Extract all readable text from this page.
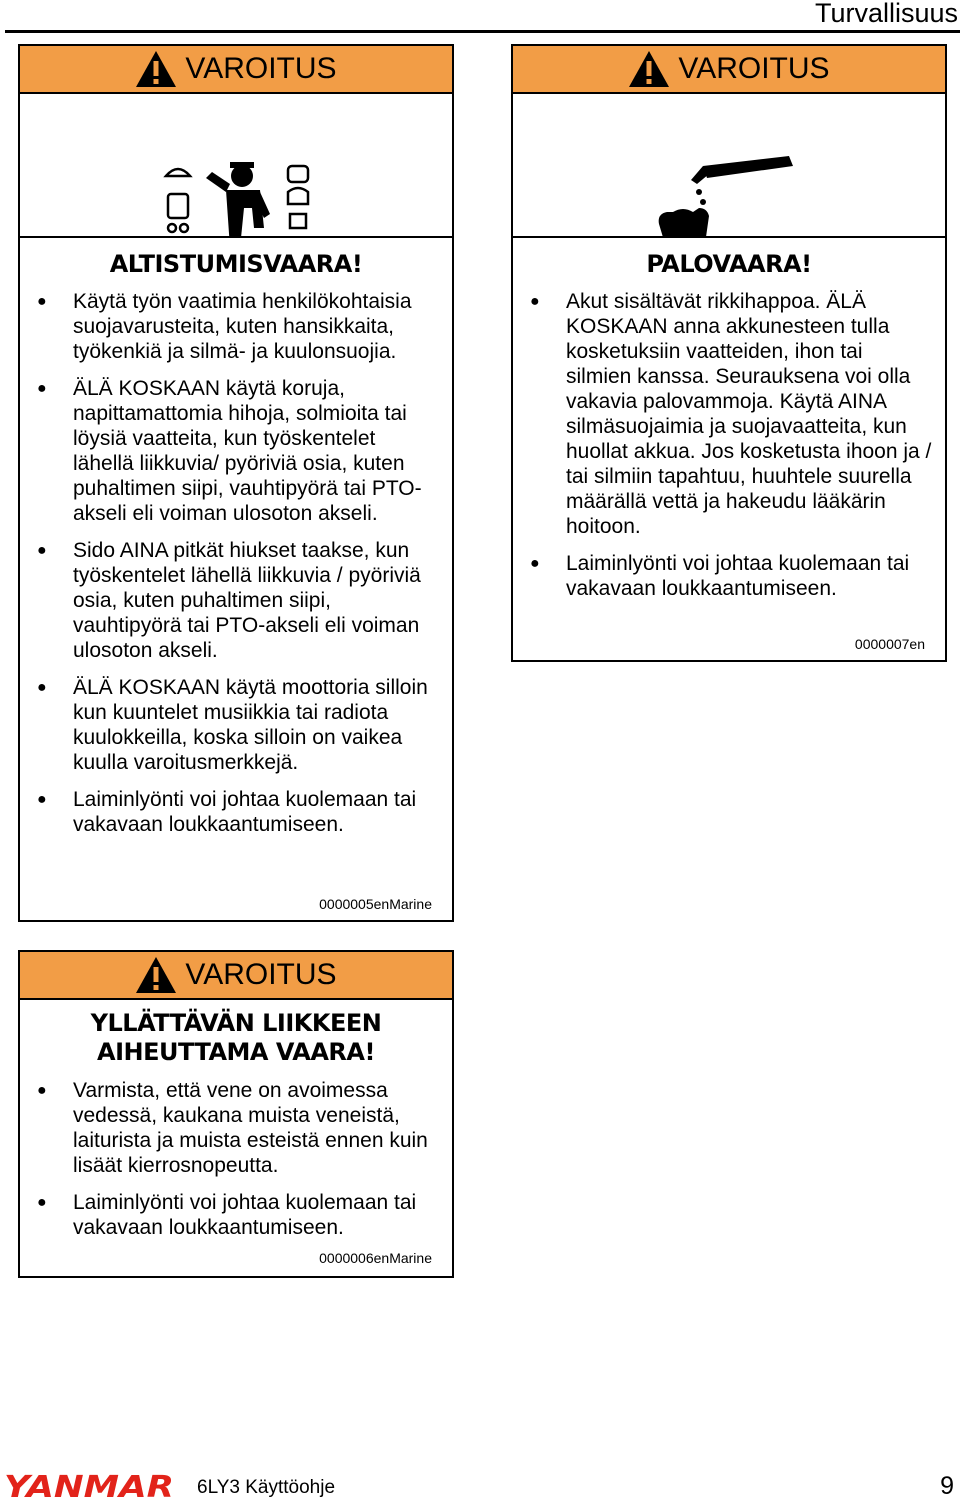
Turvallisuus
VAROITUS
ALTISTUMISVAARA!
● Käytä työn vaatimia henkilökohtaisia suojavarusteita, kuten hansikkaita, työkenkiä ja silmä- ja kuulonsuojia.
● ÄLÄ KOSKAAN käytä koruja, napittamattomia hihoja, solmioita tai löysiä vaatteita, kun työskentelet lähellä liikkuvia/ pyöriviä osia, kuten puhaltimen siipi, vauhtipyörä tai PTO-akseli eli voiman ulosoton akseli.
● Sido AINA pitkät hiukset taakse, kun työskentelet lähellä liikkuvia / pyöriviä osia, kuten puhaltimen siipi, vauhtipyörä tai PTO-akseli eli voiman ulosoton akseli.
● ÄLÄ KOSKAAN käytä moottoria silloin kun kuuntelet musiikkia tai radiota kuulokkeilla, koska silloin on vaikea kuulla varoitusmerkkejä.
● Laiminlyönti voi johtaa kuolemaan tai vakavaan loukkaantumiseen.
0000005enMarine
VAROITUS
PALOVAARA!
● Akut sisältävät rikkihappoa. ÄLÄ KOSKAAN anna akkunesteen tulla kosketuksiin vaatteiden, ihon tai silmien kanssa. Seurauksena voi olla vakavia palovammoja. Käytä AINA silmäsuojaimia ja suojavaatteita, kun huollat akkua. Jos kosketusta ihoon ja / tai silmiin tapahtuu, huuhtele suurella määrällä vettä ja hakeudu lääkärin hoitoon.
● Laiminlyönti voi johtaa kuolemaan tai vakavaan loukkaantumiseen.
0000007en
VAROITUS
YLLÄTTÄVÄN LIIKKEEN
AIHEUTTAMA VAARA!
● Varmista, että vene on avoimessa vedessä, kaukana muista veneistä, laiturista ja muista esteistä ennen kuin lisäät kierrosnopeutta.
● Laiminlyönti voi johtaa kuolemaan tai vakavaan loukkaantumiseen.
0000006enMarine
YANMAR 6LY3 Käyttöohje	9
